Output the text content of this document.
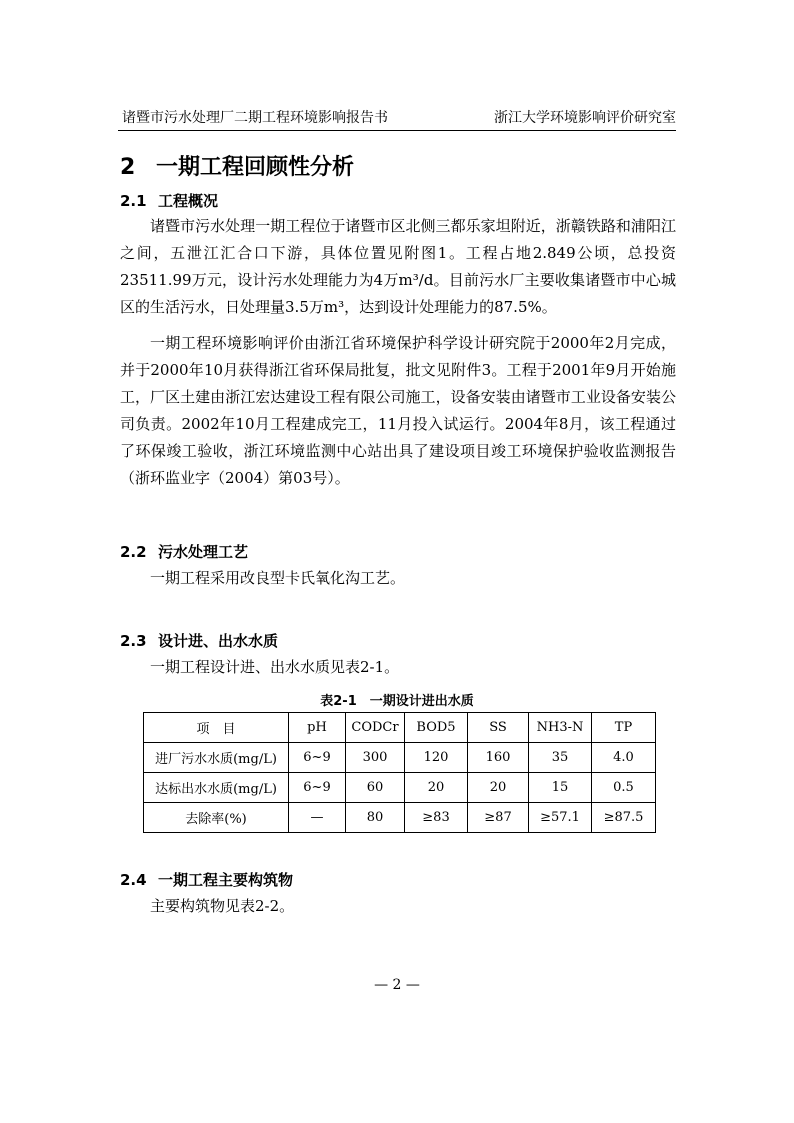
诸暨市污水处理厂二期工程环境影响报告书	浙江大学环境影响评价研究室
2 一期工程回顾性分析
2.1 工程概况

诸暨市污水处理一期工程位于诸暨市区北侧三都乐家坦附近，浙赣铁路和浦阳江之间，五泄江汇合口下游，具体位置见附图1。工程占地2.849公顷，总投资23511.99万元，设计污水处理能力为4万m³/d。目前污水厂主要收集诸暨市中心城区的生活污水，日处理量3.5万m³，达到设计处理能力的87.5%。

一期工程环境影响评价由浙江省环境保护科学设计研究院于2000年2月完成，并于2000年10月获得浙江省环保局批复，批文见附件3。工程于2001年9月开始施工，厂区土建由浙江宏达建设工程有限公司施工，设备安装由诸暨市工业设备安装公司负责。2002年10月工程建成完工，11月投入试运行。2004年8月，该工程通过了环保竣工验收，浙江环境监测中心站出具了建设项目竣工环境保护验收监测报告（浙环监业字（2004）第03号）。

2.2 污水处理工艺

一期工程采用改良型卡氏氧化沟工艺。

2.3 设计进、出水水质

一期工程设计进、出水水质见表2-1。

表2-1　一期设计进出水质
项　目	pH	CODCr	BOD5	SS	NH3-N	TP
进厂污水水质(mg/L)	6~9	300	120	160	35	4.0
达标出水水质(mg/L)	6~9	60	20	20	15	0.5
去除率(%)	—	80	≥83	≥87	≥57.1	≥87.5
2.4 一期工程主要构筑物

主要构筑物见表2-2。

— 2 —
